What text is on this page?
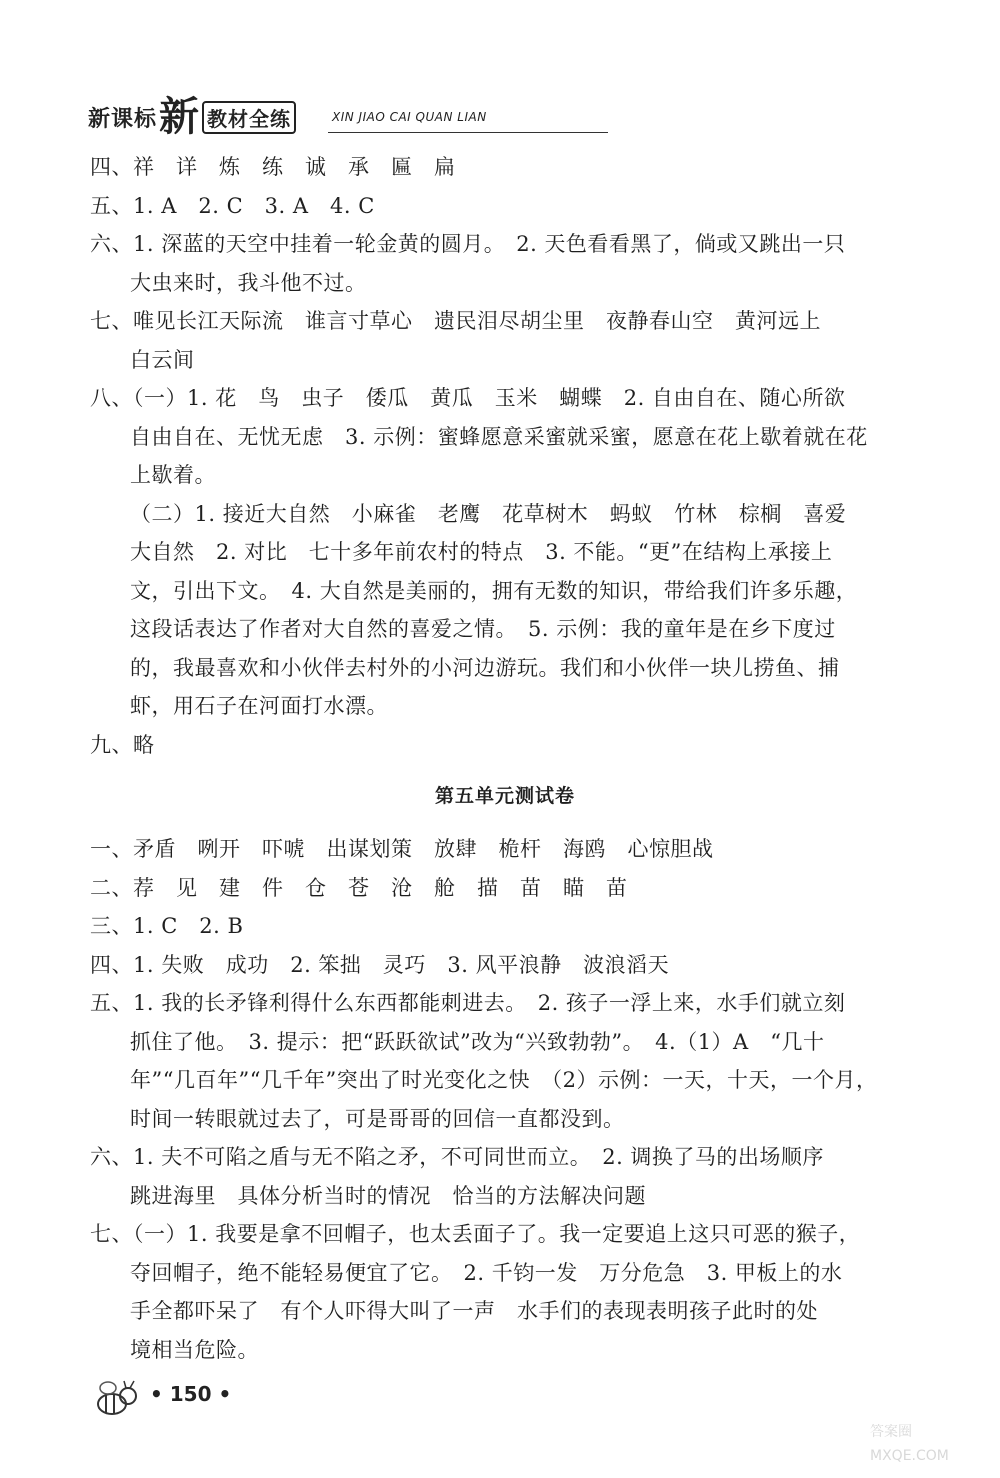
新课标 新 教材全练	XIN JIAO CAI QUAN LIAN
四、祥　详　炼　练　诚　承　匾　扁
五、1. A　2. C　3. A　4. C
六、1. 深蓝的天空中挂着一轮金黄的圆月。　2. 天色看看黑了，倘或又跳出一只
大虫来时，我斗他不过。
七、唯见长江天际流　谁言寸草心　遗民泪尽胡尘里　夜静春山空　黄河远上
白云间
八、（一）1. 花　鸟　虫子　倭瓜　黄瓜　玉米　蝴蝶　2. 自由自在、随心所欲
自由自在、无忧无虑　3. 示例：蜜蜂愿意采蜜就采蜜，愿意在花上歇着就在花
上歇着。
（二）1. 接近大自然　小麻雀　老鹰　花草树木　蚂蚁　竹林　棕榈　喜爱
大自然　2. 对比　七十多年前农村的特点　3. 不能。“更”在结构上承接上
文，引出下文。　4. 大自然是美丽的，拥有无数的知识，带给我们许多乐趣，
这段话表达了作者对大自然的喜爱之情。　5. 示例：我的童年是在乡下度过
的，我最喜欢和小伙伴去村外的小河边游玩。我们和小伙伴一块儿捞鱼、捕
虾，用石子在河面打水漂。
九、略
第五单元测试卷
一、矛盾　咧开　吓唬　出谋划策　放肆　桅杆　海鸥　心惊胆战
二、荐　见　建　件　仓　苍　沧　舱　描　苗　瞄　苗
三、1. C　2. B
四、1. 失败　成功　2. 笨拙　灵巧　3. 风平浪静　波浪滔天
五、1. 我的长矛锋利得什么东西都能刺进去。　2. 孩子一浮上来，水手们就立刻
抓住了他。　3. 提示：把“跃跃欲试”改为“兴致勃勃”。　4.（1）A　“几十
年”“几百年”“几千年”突出了时光变化之快　（2）示例：一天，十天，一个月，
时间一转眼就过去了，可是哥哥的回信一直都没到。
六、1. 夫不可陷之盾与无不陷之矛，不可同世而立。　2. 调换了马的出场顺序
跳进海里　具体分析当时的情况　恰当的方法解决问题
七、（一）1. 我要是拿不回帽子，也太丢面子了。我一定要追上这只可恶的猴子，
夺回帽子，绝不能轻易便宜了它。　2. 千钧一发　万分危急　3. 甲板上的水
手全都吓呆了　有个人吓得大叫了一声　水手们的表现表明孩子此时的处
境相当危险。
• 150 •
答案圈
MXQE.COM
